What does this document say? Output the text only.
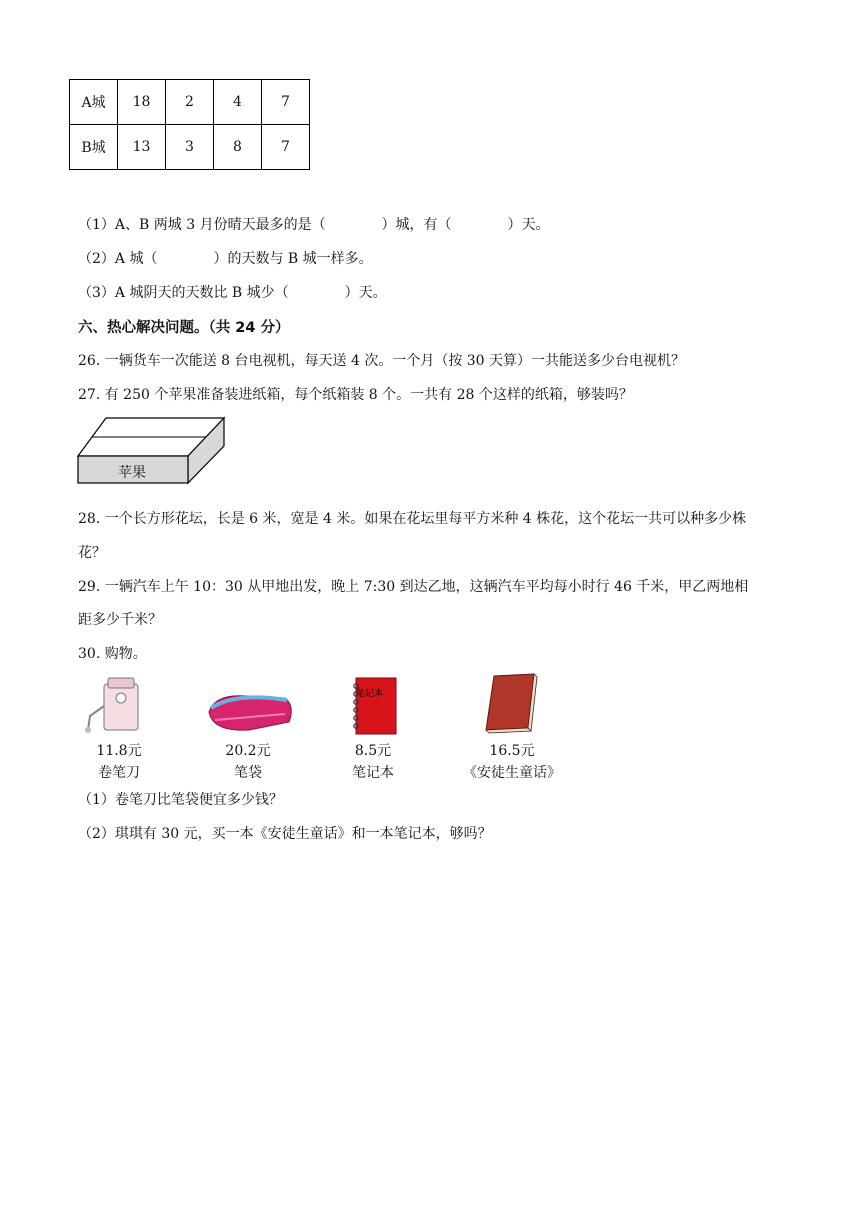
A城	18	2	4	7
B城	13	3	8	7
（1）A、B 两城 3 月份晴天最多的是（　　　　）城，有（　　　　）天。
（2）A 城（　　　　）的天数与 B 城一样多。
（3）A 城阴天的天数比 B 城少（　　　　）天。
六、热心解决问题。（共 24 分）
26. 一辆货车一次能送 8 台电视机，每天送 4 次。一个月（按 30 天算）一共能送多少台电视机？
27. 有 250 个苹果准备装进纸箱，每个纸箱装 8 个。一共有 28 个这样的纸箱，够装吗？
苹果
28. 一个长方形花坛，长是 6 米，宽是 4 米。如果在花坛里每平方米种 4 株花，这个花坛一共可以种多少株
花？
29. 一辆汽车上午 10：30 从甲地出发，晚上 7:30 到达乙地，这辆汽车平均每小时行 46 千米，甲乙两地相
距多少千米？
30. 购物。
笔记本
11.8元
卷笔刀
20.2元
笔袋
8.5元
笔记本
16.5元
《安徒生童话》
（1）卷笔刀比笔袋便宜多少钱？
（2）琪琪有 30 元，买一本《安徒生童话》和一本笔记本，够吗？
